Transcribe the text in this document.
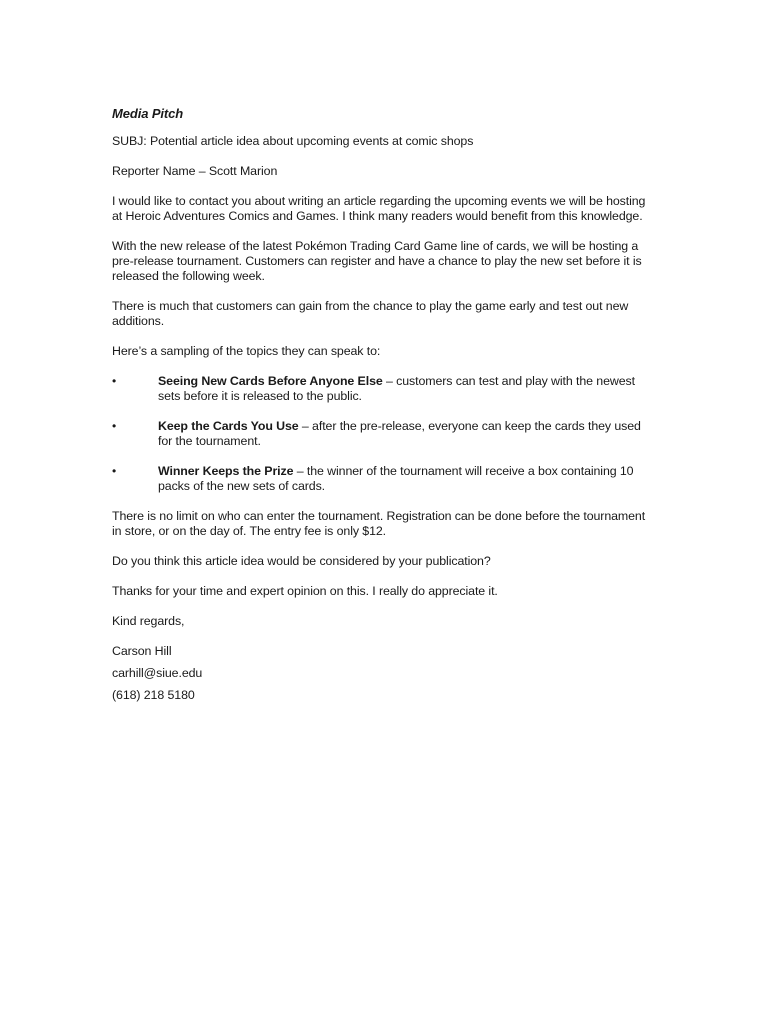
Media Pitch

SUBJ: Potential article idea about upcoming events at comic shops

Reporter Name – Scott Marion

I would like to contact you about writing an article regarding the upcoming events we will be hosting at Heroic Adventures Comics and Games. I think many readers would benefit from this knowledge.

With the new release of the latest Pokémon Trading Card Game line of cards, we will be hosting a pre-release tournament. Customers can register and have a chance to play the new set before it is released the following week.

There is much that customers can gain from the chance to play the game early and test out new additions.

Here’s a sampling of the topics they can speak to:

•	Seeing New Cards Before Anyone Else – customers can test and play with the newest sets before it is released to the public.
•	Keep the Cards You Use – after the pre-release, everyone can keep the cards they used for the tournament.
•	Winner Keeps the Prize – the winner of the tournament will receive a box containing 10 packs of the new sets of cards.

There is no limit on who can enter the tournament. Registration can be done before the tournament in store, or on the day of. The entry fee is only $12.

Do you think this article idea would be considered by your publication?

Thanks for your time and expert opinion on this. I really do appreciate it.

Kind regards,

Carson Hill
carhill@siue.edu
(618) 218 5180
